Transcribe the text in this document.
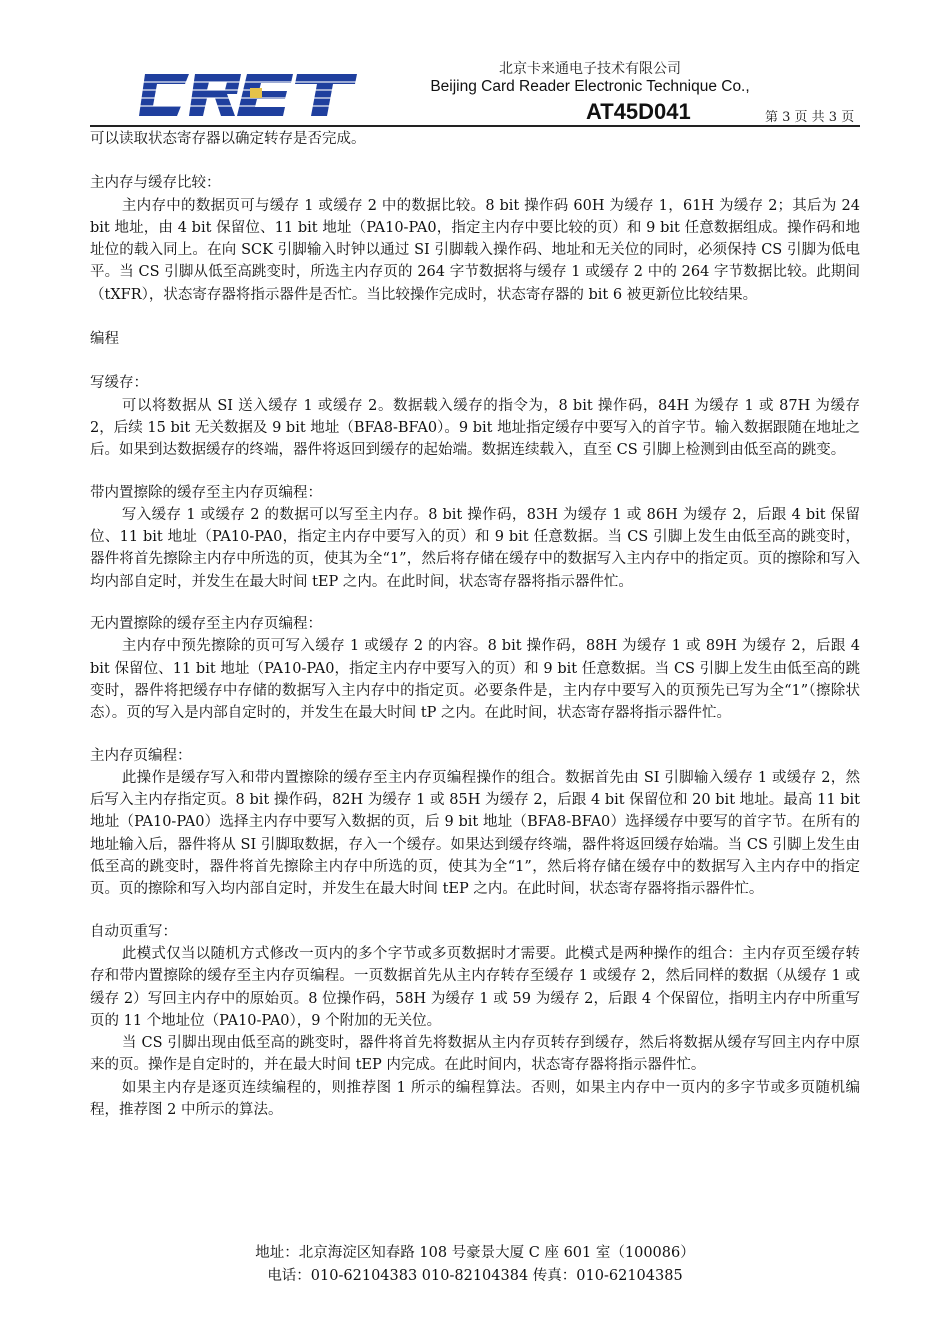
北京卡来通电子技术有限公司
Beijing Card Reader Electronic Technique Co.,
AT45D041	第 3 页 共 3 页

可以读取状态寄存器以确定转存是否完成。

主内存与缓存比较：

主内存中的数据页可与缓存 1 或缓存 2 中的数据比较。8 bit 操作码 60H 为缓存 1，61H 为缓存 2；其后为 24 bit 地址，由 4 bit 保留位、11 bit 地址（PA10-PA0，指定主内存中要比较的页）和 9 bit 任意数据组成。操作码和地址位的载入同上。在向 SCK 引脚输入时钟以通过 SI 引脚载入操作码、地址和无关位的同时，必须保持 CS 引脚为低电平。当 CS 引脚从低至高跳变时，所选主内存页的 264 字节数据将与缓存 1 或缓存 2 中的 264 字节数据比较。此期间（tXFR），状态寄存器将指示器件是否忙。当比较操作完成时，状态寄存器的 bit 6 被更新位比较结果。

编程

写缓存：

可以将数据从 SI 送入缓存 1 或缓存 2。数据载入缓存的指令为，8 bit 操作码，84H 为缓存 1 或 87H 为缓存 2，后续 15 bit 无关数据及 9 bit 地址（BFA8-BFA0）。9 bit 地址指定缓存中要写入的首字节。输入数据跟随在地址之后。如果到达数据缓存的终端，器件将返回到缓存的起始端。数据连续载入，直至 CS 引脚上检测到由低至高的跳变。

带内置擦除的缓存至主内存页编程：

写入缓存 1 或缓存 2 的数据可以写至主内存。8 bit 操作码，83H 为缓存 1 或 86H 为缓存 2，后跟 4 bit 保留位、11 bit 地址（PA10-PA0，指定主内存中要写入的页）和 9 bit 任意数据。当 CS 引脚上发生由低至高的跳变时，器件将首先擦除主内存中所选的页，使其为全“1”，然后将存储在缓存中的数据写入主内存中的指定页。页的擦除和写入均内部自定时，并发生在最大时间 tEP 之内。在此时间，状态寄存器将指示器件忙。

无内置擦除的缓存至主内存页编程：

主内存中预先擦除的页可写入缓存 1 或缓存 2 的内容。8 bit 操作码，88H 为缓存 1 或 89H 为缓存 2，后跟 4 bit 保留位、11 bit 地址（PA10-PA0，指定主内存中要写入的页）和 9 bit 任意数据。当 CS 引脚上发生由低至高的跳变时，器件将把缓存中存储的数据写入主内存中的指定页。必要条件是，主内存中要写入的页预先已写为全“1”（擦除状态）。页的写入是内部自定时的，并发生在最大时间 tP 之内。在此时间，状态寄存器将指示器件忙。

主内存页编程：

此操作是缓存写入和带内置擦除的缓存至主内存页编程操作的组合。数据首先由 SI 引脚输入缓存 1 或缓存 2，然后写入主内存指定页。8 bit 操作码，82H 为缓存 1 或 85H 为缓存 2，后跟 4 bit 保留位和 20 bit 地址。最高 11 bit 地址（PA10-PA0）选择主内存中要写入数据的页，后 9 bit 地址（BFA8-BFA0）选择缓存中要写的首字节。在所有的地址输入后，器件将从 SI 引脚取数据，存入一个缓存。如果达到缓存终端，器件将返回缓存始端。当 CS 引脚上发生由低至高的跳变时，器件将首先擦除主内存中所选的页，使其为全“1”，然后将存储在缓存中的数据写入主内存中的指定页。页的擦除和写入均内部自定时，并发生在最大时间 tEP 之内。在此时间，状态寄存器将指示器件忙。

自动页重写：

此模式仅当以随机方式修改一页内的多个字节或多页数据时才需要。此模式是两种操作的组合：主内存页至缓存转存和带内置擦除的缓存至主内存页编程。一页数据首先从主内存转存至缓存 1 或缓存 2，然后同样的数据（从缓存 1 或缓存 2）写回主内存中的原始页。8 位操作码，58H 为缓存 1 或 59 为缓存 2，后跟 4 个保留位，指明主内存中所重写页的 11 个地址位（PA10-PA0），9 个附加的无关位。

当 CS 引脚出现由低至高的跳变时，器件将首先将数据从主内存页转存到缓存，然后将数据从缓存写回主内存中原来的页。操作是自定时的，并在最大时间 tEP 内完成。在此时间内，状态寄存器将指示器件忙。

如果主内存是逐页连续编程的，则推荐图 1 所示的编程算法。否则，如果主内存中一页内的多字节或多页随机编程，推荐图 2 中所示的算法。

地址：北京海淀区知春路 108 号豪景大厦 C 座 601 室（100086）
电话：010-62104383 010-82104384 传真：010-62104385
